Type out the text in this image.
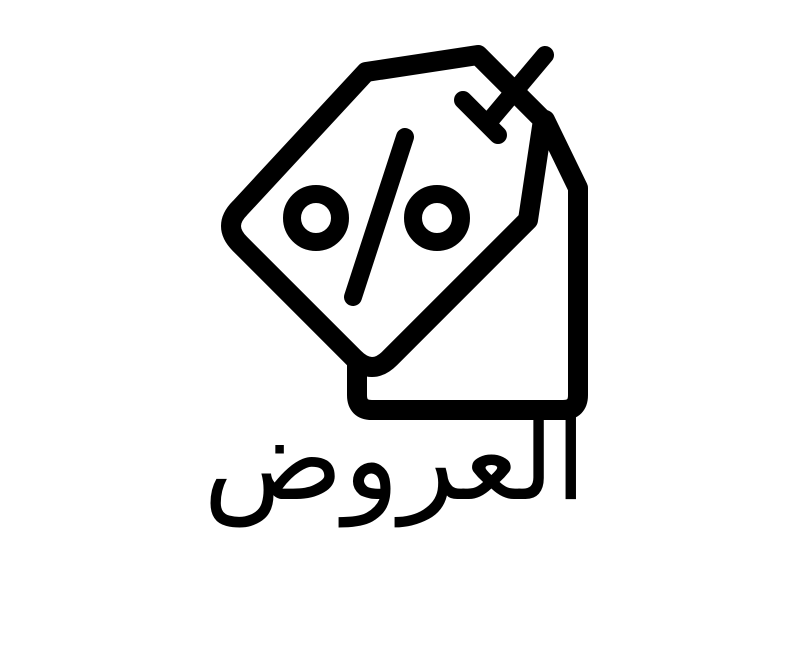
العروض
